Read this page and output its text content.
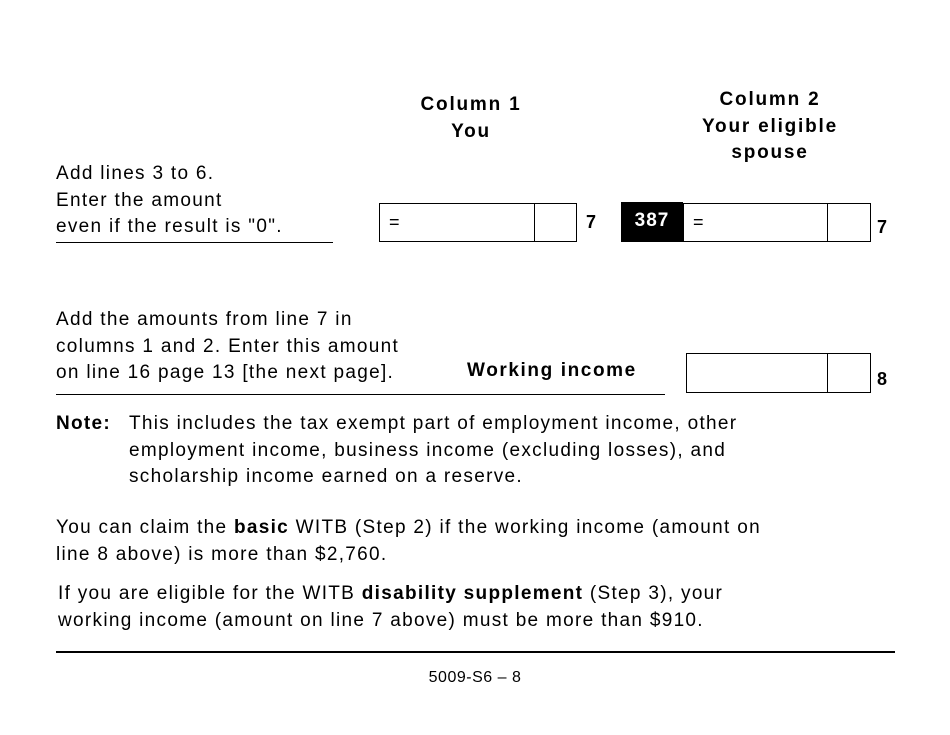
Column 1
You
Column 2
Your eligible
spouse
Add lines 3 to 6.
Enter the amount
even if the result is "0".	=	7	387	=	7
Add the amounts from line 7 in
columns 1 and 2. Enter this amount
on line 16 page 13 [the next page].	Working income	8
Note: This includes the tax exempt part of employment income, other
employment income, business income (excluding losses), and
scholarship income earned on a reserve.
You can claim the basic WITB (Step 2) if the working income (amount on
line 8 above) is more than $2,760.
If you are eligible for the WITB disability supplement (Step 3), your
working income (amount on line 7 above) must be more than $910.
5009-S6 – 8
